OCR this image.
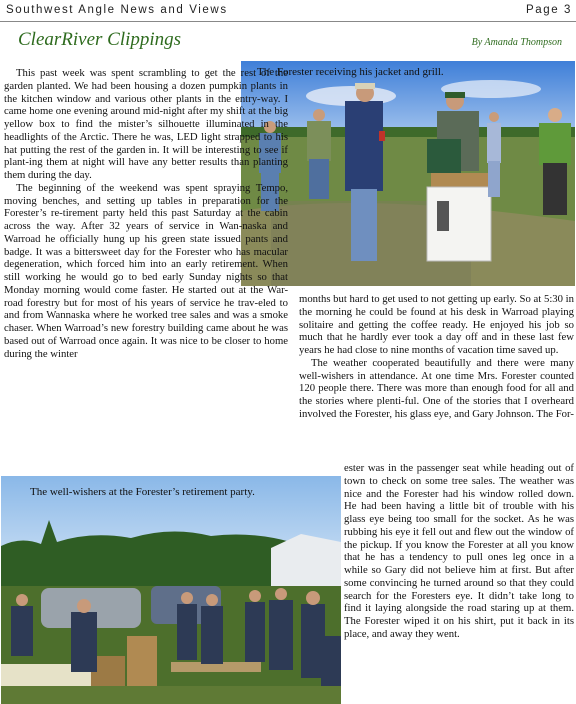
Southwest Angle News and Views	Page 3
ClearRiver Clippings	By Amanda Thompson
The Forester receiving his jacket and grill.
The well-wishers at the Forester’s retirement party.

This past week was spent scrambling to get the rest of the garden planted. We had been housing a dozen pumpkin plants in the kitchen window and various other plants in the entry-way. I came home one evening around mid-night after my shift at the big yellow box to find the mister’s silhouette illuminated in the headlights of the Arctic. There he was, LED light strapped to his hat putting the rest of the garden in. It will be interesting to see if plant-ing them at night will have any better results than planting them during the day.

The beginning of the weekend was spent spraying Tempo, moving benches, and setting up tables in preparation for the Forester’s re-tirement party held this past Saturday at the cabin across the way. After 32 years of service in Wan-naska and Warroad he officially hung up his green state issued pants and badge. It was a bittersweet day for the Forester who has macular degeneration, which forced him into an early retirement. When still working he would go to bed early Sunday nights so that Monday morning would come faster. He started out at the War-road forestry but for most of his years of service he trav-eled to and from Wannaska where he worked tree sales and was a smoke chaser. When Warroad’s new forestry building came about he was based out of Warroad once again. It was nice to be closer to home during the winter

months but hard to get used to not getting up early. So at 5:30 in the morning he could be found at his desk in Warroad playing solitaire and getting the coffee ready. He enjoyed his job so much that he hardly ever took a day off and in these last few years he had close to nine months of vacation time saved up.

The weather cooperated beautifully and there were many well-wishers in attendance. At one time Mrs. Forester counted 120 people there. There was more than enough food for all and the stories where plenti-ful. One of the stories that I overheard involved the Forester, his glass eye, and Gary Johnson. The For-

ester was in the passenger seat while heading out of town to check on some tree sales. The weather was nice and the Forester had his window rolled down. He had been having a little bit of trouble with his glass eye being too small for the socket. As he was rubbing his eye it fell out and flew out the window of the pickup. If you know the Forester at all you know that he has a tendency to pull ones leg once in a while so Gary did not believe him at first. But after some convincing he turned around so that they could search for the Foresters eye. It didn’t take long to find it laying alongside the road staring up at them. The Forester wiped it on his shirt, put it back in its place, and away they went.
